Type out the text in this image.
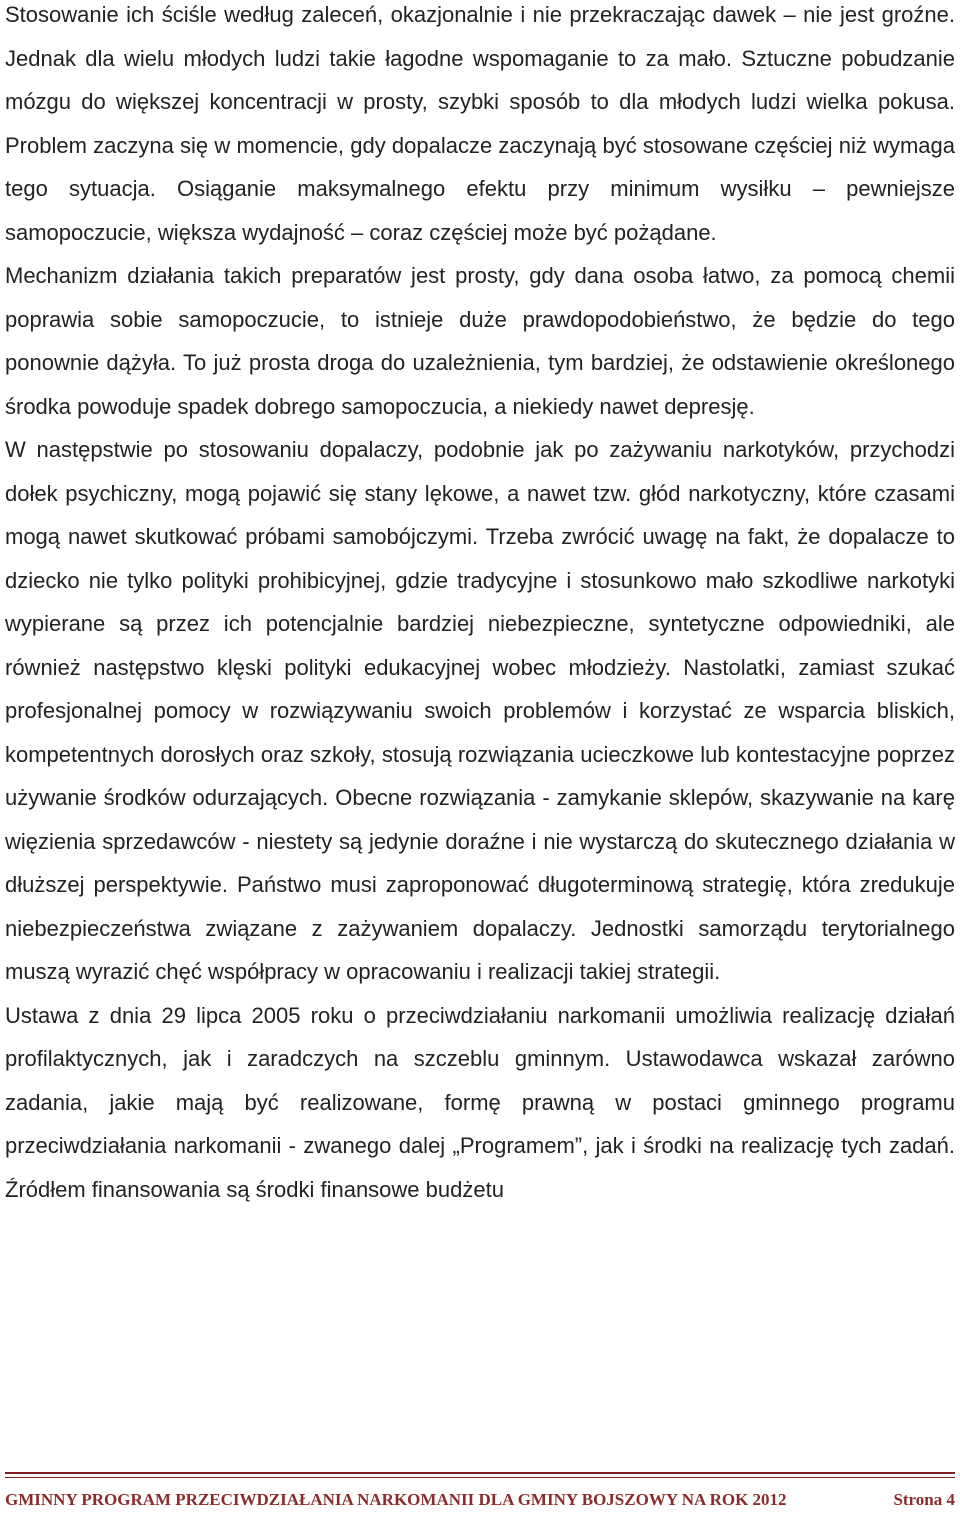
Stosowanie ich ściśle według zaleceń, okazjonalnie i nie przekraczając dawek – nie jest groźne. Jednak dla wielu młodych ludzi takie łagodne wspomaganie to za mało. Sztuczne pobudzanie mózgu do większej koncentracji w prosty, szybki sposób to dla młodych ludzi wielka pokusa. Problem zaczyna się w momencie, gdy dopalacze zaczynają być stosowane częściej niż wymaga tego sytuacja. Osiąganie maksymalnego efektu przy minimum wysiłku – pewniejsze samopoczucie, większa wydajność – coraz częściej może być pożądane.

Mechanizm działania takich preparatów jest prosty, gdy dana osoba łatwo, za pomocą chemii poprawia sobie samopoczucie, to istnieje duże prawdopodobieństwo, że będzie do tego ponownie dążyła. To już prosta droga do uzależnienia, tym bardziej, że odstawienie określonego środka powoduje spadek dobrego samopoczucia, a niekiedy nawet depresję.

W następstwie po stosowaniu dopalaczy, podobnie jak po zażywaniu narkotyków, przychodzi dołek psychiczny, mogą pojawić się stany lękowe, a nawet tzw. głód narkotyczny, które czasami mogą nawet skutkować próbami samobójczymi. Trzeba zwrócić uwagę na fakt, że dopalacze to dziecko nie tylko polityki prohibicyjnej, gdzie tradycyjne i stosunkowo mało szkodliwe narkotyki wypierane są przez ich potencjalnie bardziej niebezpieczne, syntetyczne odpowiedniki, ale również następstwo klęski polityki edukacyjnej wobec młodzieży. Nastolatki, zamiast szukać profesjonalnej pomocy w rozwiązywaniu swoich problemów i korzystać ze wsparcia bliskich, kompetentnych dorosłych oraz szkoły, stosują rozwiązania ucieczkowe lub kontestacyjne poprzez używanie środków odurzających. Obecne rozwiązania - zamykanie sklepów, skazywanie na karę więzienia sprzedawców - niestety są jedynie doraźne i nie wystarczą do skutecznego działania w dłuższej perspektywie. Państwo musi zaproponować długoterminową strategię, która zredukuje niebezpieczeństwa związane z zażywaniem dopalaczy. Jednostki samorządu terytorialnego muszą wyrazić chęć współpracy w opracowaniu i realizacji takiej strategii.

Ustawa z dnia 29 lipca 2005 roku o przeciwdziałaniu narkomanii umożliwia realizację działań profilaktycznych, jak i zaradczych na szczeblu gminnym. Ustawodawca wskazał zarówno zadania, jakie mają być realizowane, formę prawną w postaci gminnego programu przeciwdziałania narkomanii - zwanego dalej „Programem”, jak i środki na realizację tych zadań. Źródłem finansowania są środki finansowe budżetu

GMINNY PROGRAM PRZECIWDZIAŁANIA NARKOMANII DLA GMINY BOJSZOWY NA ROK 2012	Strona 4
